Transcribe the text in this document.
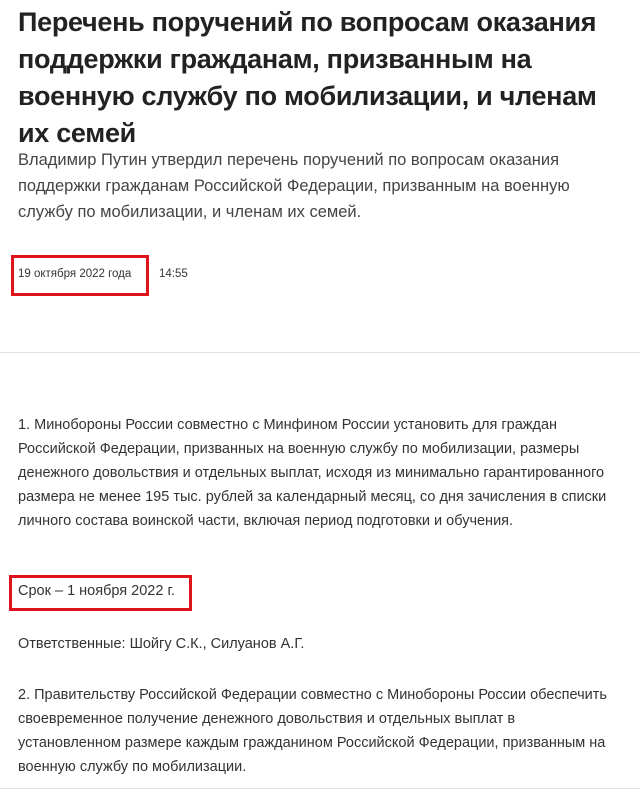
Перечень поручений по вопросам оказания поддержки гражданам, призванным на военную службу по мобилизации, и членам их семей

Владимир Путин утвердил перечень поручений по вопросам оказания поддержки гражданам Российской Федерации, призванным на военную службу по мобилизации, и членам их семей.

19 октября 2022 года 14:55

1. Минобороны России совместно с Минфином России установить для граждан Российской Федерации, призванных на военную службу по мобилизации, размеры денежного довольствия и отдельных выплат, исходя из минимально гарантированного размера не менее 195 тыс. рублей за календарный месяц, со дня зачисления в списки личного состава воинской части, включая период подготовки и обучения.

Срок – 1 ноября 2022 г.

Ответственные: Шойгу С.К., Силуанов А.Г.

2. Правительству Российской Федерации совместно с Минобороны России обеспечить своевременное получение денежного довольствия и отдельных выплат в установленном размере каждым гражданином Российской Федерации, призванным на военную службу по мобилизации.
